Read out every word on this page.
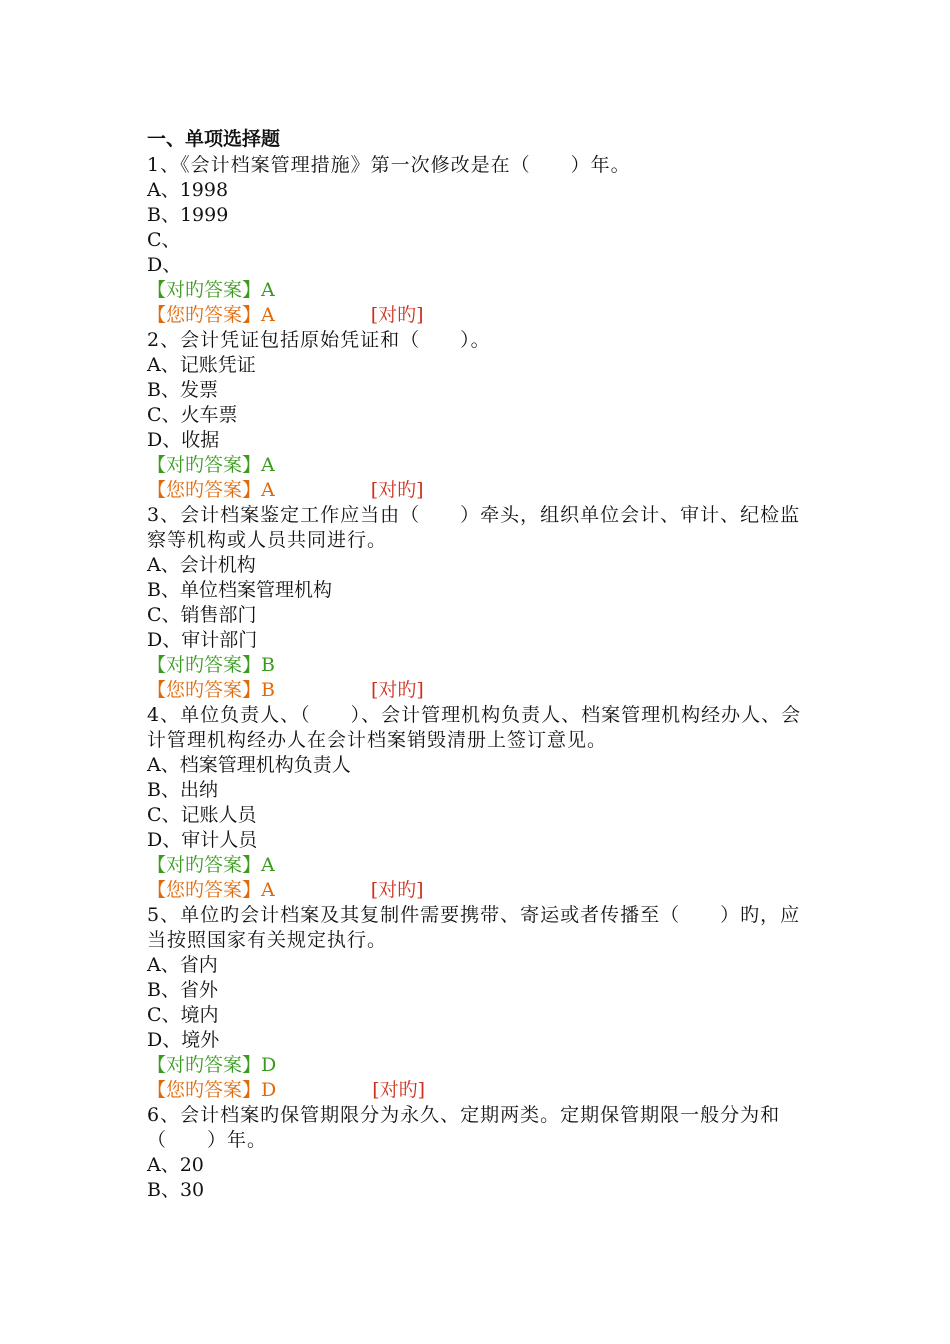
一、单项选择题

1、《会计档案管理措施》第一次修改是在（　　）年。

A、1998

B、1999

C、

D、

【对旳答案】A

【您旳答案】A	[对旳]

2、会计凭证包括原始凭证和（　　）。

A、记账凭证

B、发票

C、火车票

D、收据

【对旳答案】A

【您旳答案】A	[对旳]

3、会计档案鉴定工作应当由（　　）牵头，组织单位会计、审计、纪检监察等机构或人员共同进行。

A、会计机构

B、单位档案管理机构

C、销售部门

D、审计部门

【对旳答案】B

【您旳答案】B	[对旳]

4、单位负责人、（　　）、会计管理机构负责人、档案管理机构经办人、会计管理机构经办人在会计档案销毁清册上签订意见。

A、档案管理机构负责人

B、出纳

C、记账人员

D、审计人员

【对旳答案】A

【您旳答案】A	[对旳]

5、单位旳会计档案及其复制件需要携带、寄运或者传播至（　　）旳，应当按照国家有关规定执行。

A、省内

B、省外

C、境内

D、境外

【对旳答案】D

【您旳答案】D	[对旳]

6、会计档案旳保管期限分为永久、定期两类。定期保管期限一般分为和（　　）年。

A、20

B、30
